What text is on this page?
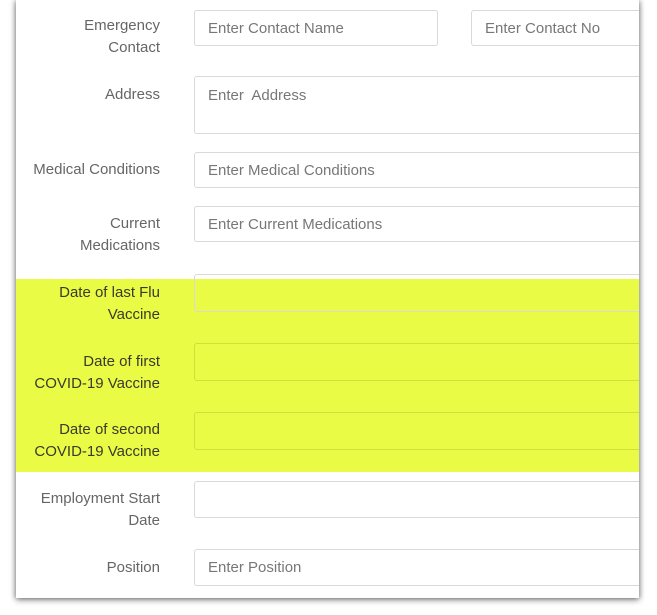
Emergency
Contact
Enter Contact Name
Enter Contact No
Address
Enter Address
Medical Conditions
Enter Medical Conditions
Current
Medications
Enter Current Medications
Date of last Flu
Vaccine
Date of first
COVID-19 Vaccine
Date of second
COVID-19 Vaccine
Employment Start
Date
Position
Enter Position
